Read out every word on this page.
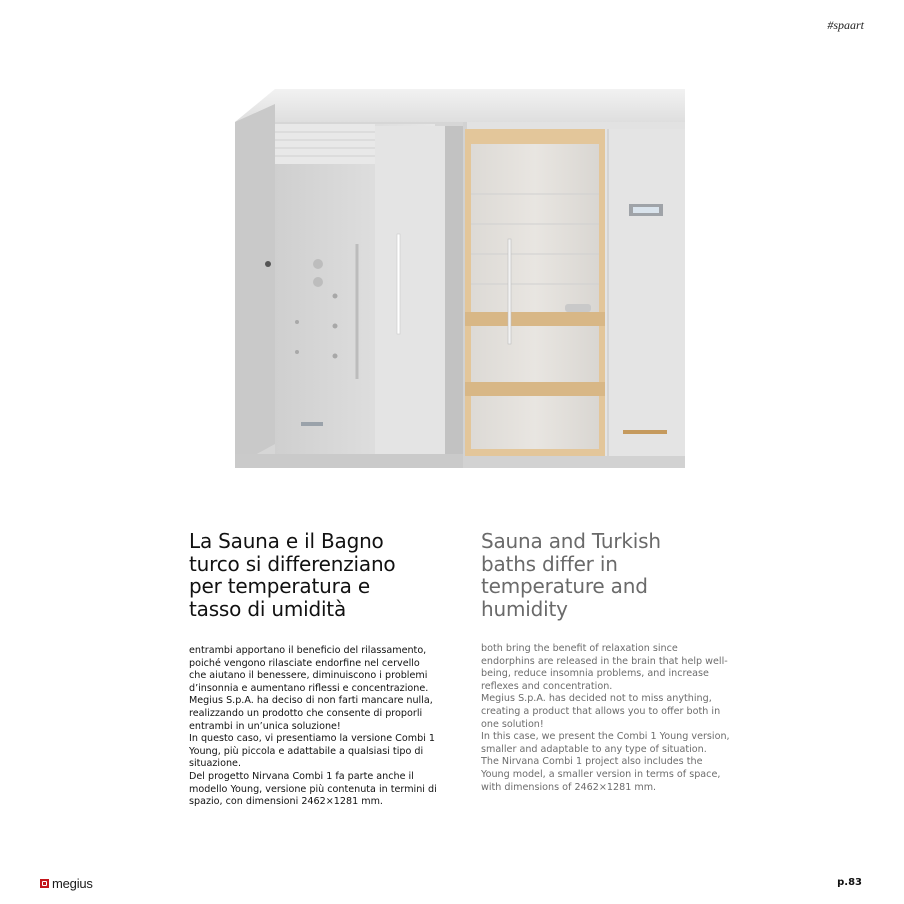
#spaart
La Sauna e il Bagno
turco si differenziano
per temperatura e
tasso di umidità
Sauna and Turkish
baths differ in
temperature and
humidity

entrambi apportano il beneficio del rilassamento,
poiché vengono rilasciate endorfine nel cervello
che aiutano il benessere, diminuiscono i problemi
d’insonnia e aumentano riflessi e concentrazione.
Megius S.p.A. ha deciso di non farti mancare nulla,
realizzando un prodotto che consente di proporli
entrambi in un’unica soluzione!
In questo caso, vi presentiamo la versione Combi 1
Young, più piccola e adattabile a qualsiasi tipo di
situazione.
Del progetto Nirvana Combi 1 fa parte anche il
modello Young, versione più contenuta in termini di
spazio, con dimensioni 2462×1281 mm.

both bring the benefit of relaxation since
endorphins are released in the brain that help well-
being, reduce insomnia problems, and increase
reflexes and concentration.
Megius S.p.A. has decided not to miss anything,
creating a product that allows you to offer both in
one solution!
In this case, we present the Combi 1 Young version,
smaller and adaptable to any type of situation.
The Nirvana Combi 1 project also includes the
Young model, a smaller version in terms of space,
with dimensions of 2462×1281 mm.

megius	p.83
